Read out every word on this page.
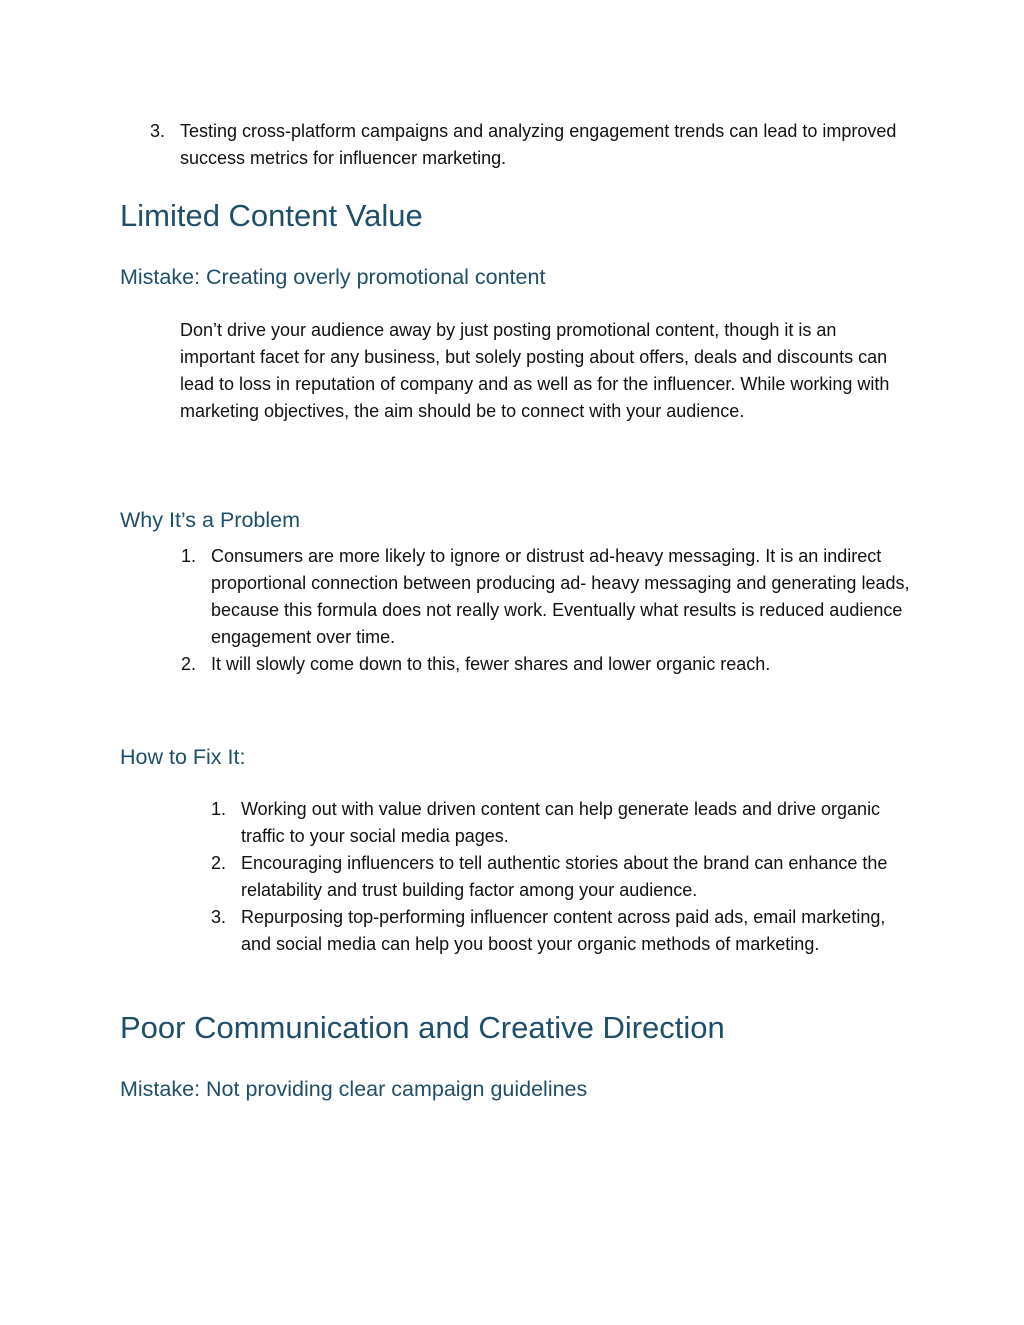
3. Testing cross-platform campaigns and analyzing engagement trends can lead to improved success metrics for influencer marketing.
Limited Content Value
Mistake: Creating overly promotional content

Don’t drive your audience away by just posting promotional content, though it is an important facet for any business, but solely posting about offers, deals and discounts can lead to loss in reputation of company and as well as for the influencer. While working with marketing objectives, the aim should be to connect with your audience.

Why It’s a Problem
1. Consumers are more likely to ignore or distrust ad-heavy messaging. It is an indirect proportional connection between producing ad- heavy messaging and generating leads, because this formula does not really work. Eventually what results is reduced audience engagement over time.
2. It will slowly come down to this, fewer shares and lower organic reach.
How to Fix It:
1. Working out with value driven content can help generate leads and drive organic traffic to your social media pages.
2. Encouraging influencers to tell authentic stories about the brand can enhance the relatability and trust building factor among your audience.
3. Repurposing top-performing influencer content across paid ads, email marketing, and social media can help you boost your organic methods of marketing.
Poor Communication and Creative Direction
Mistake: Not providing clear campaign guidelines
